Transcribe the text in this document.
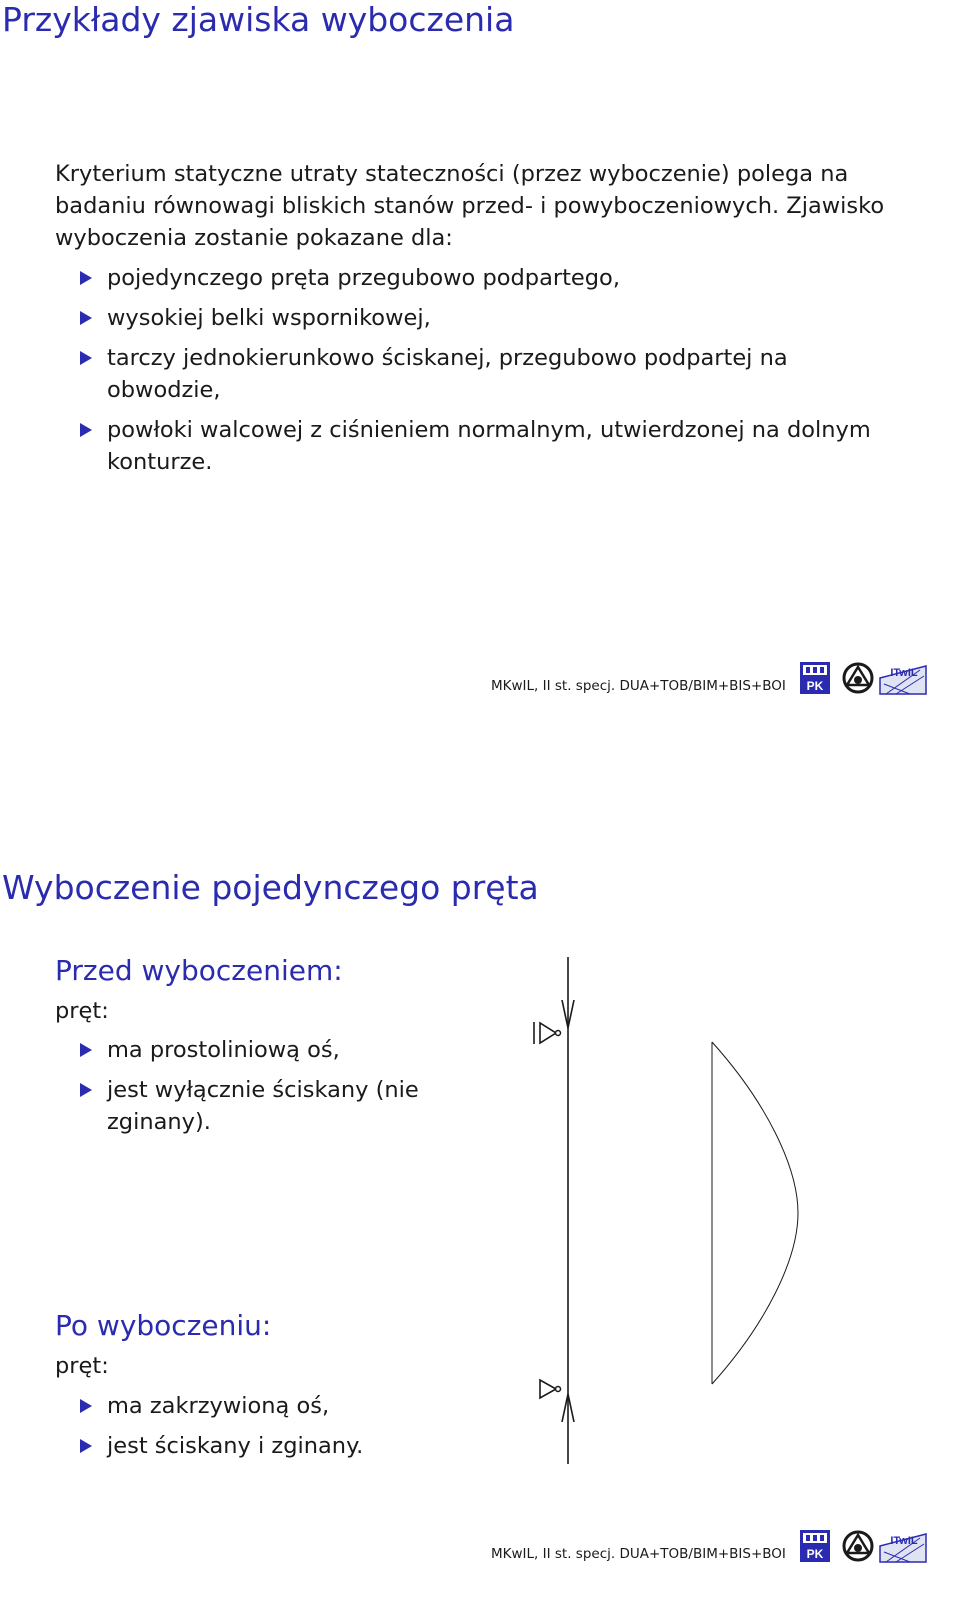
Przykłady zjawiska wyboczenia

Kryterium statyczne utraty stateczności (przez wyboczenie) polega na badaniu równowagi bliskich stanów przed- i powyboczeniowych. Zjawisko wyboczenia zostanie pokazane dla:

pojedynczego pręta przegubowo podpartego,
wysokiej belki wspornikowej,
tarczy jednokierunkowo ściskanej, przegubowo podpartej na obwodzie,
powłoki walcowej z ciśnieniem normalnym, utwierdzonej na dolnym konturze.
MKwIL, II st. specj. DUA+TOB/BIM+BIS+BOI PK
ITwIL
Wyboczenie pojedynczego pręta
Przed wyboczeniem:
pręt:
ma prostoliniową oś,
jest wyłącznie ściskany (nie zginany).
Po wyboczeniu:
pręt:
ma zakrzywioną oś,
jest ściskany i zginany.
MKwIL, II st. specj. DUA+TOB/BIM+BIS+BOI PK
ITwIL
